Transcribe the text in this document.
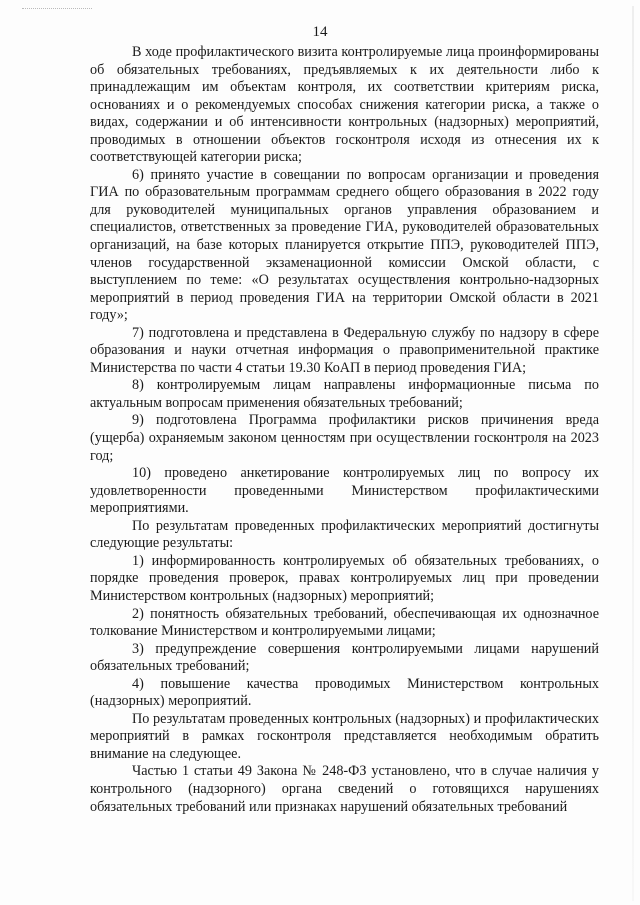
14

В ходе профилактического визита контролируемые лица проинформированы об обязательных требованиях, предъявляемых к их деятельности либо к принадлежащим им объектам контроля, их соответствии критериям риска, основаниях и о рекомендуемых способах снижения категории риска, а также о видах, содержании и об интенсивности контрольных (надзорных) мероприятий, проводимых в отношении объектов госконтроля исходя из отнесения их к соответствующей категории риска;

6) принято участие в совещании по вопросам организации и проведения ГИА по образовательным программам среднего общего образования в 2022 году для руководителей муниципальных органов управления образованием и специалистов, ответственных за проведение ГИА, руководителей образовательных организаций, на базе которых планируется открытие ППЭ, руководителей ППЭ, членов государственной экзаменационной комиссии Омской области, с выступлением по теме: «О результатах осуществления контрольно-надзорных мероприятий в период проведения ГИА на территории Омской области в 2021 году»;

7) подготовлена и представлена в Федеральную службу по надзору в сфере образования и науки отчетная информация о правоприменительной практике Министерства по части 4 статьи 19.30 КоАП в период проведения ГИА;

8) контролируемым лицам направлены информационные письма по актуальным вопросам применения обязательных требований;

9) подготовлена Программа профилактики рисков причинения вреда (ущерба) охраняемым законом ценностям при осуществлении госконтроля на 2023 год;

10) проведено анкетирование контролируемых лиц по вопросу их удовлетворенности проведенными Министерством профилактическими мероприятиями.

По результатам проведенных профилактических мероприятий достигнуты следующие результаты:

1) информированность контролируемых об обязательных требованиях, о порядке проведения проверок, правах контролируемых лиц при проведении Министерством контрольных (надзорных) мероприятий;

2) понятность обязательных требований, обеспечивающая их однозначное толкование Министерством и контролируемыми лицами;

3) предупреждение совершения контролируемыми лицами нарушений обязательных требований;

4) повышение качества проводимых Министерством контрольных (надзорных) мероприятий.

По результатам проведенных контрольных (надзорных) и профилактических мероприятий в рамках госконтроля представляется необходимым обратить внимание на следующее.

Частью 1 статьи 49 Закона № 248-ФЗ установлено, что в случае наличия у контрольного (надзорного) органа сведений о готовящихся нарушениях обязательных требований или признаках нарушений обязательных требований
